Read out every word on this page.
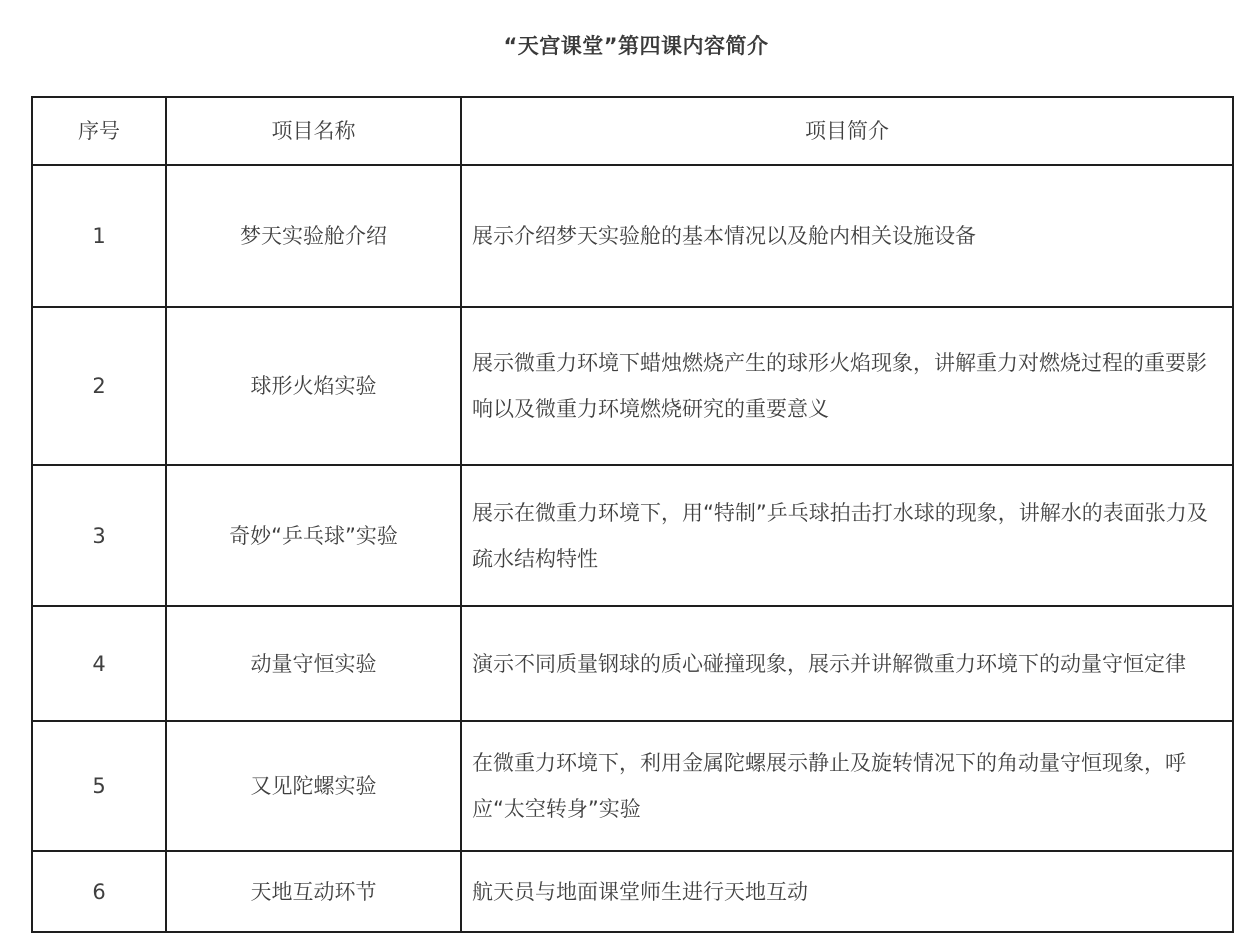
“天宫课堂”第四课内容简介
序号	项目名称	项目简介
1	梦天实验舱介绍	展示介绍梦天实验舱的基本情况以及舱内相关设施设备
2	球形火焰实验	展示微重力环境下蜡烛燃烧产生的球形火焰现象，讲解重力对燃烧过程的重要影响以及微重力环境燃烧研究的重要意义
3	奇妙“乒乓球”实验	展示在微重力环境下，用“特制”乒乓球拍击打水球的现象，讲解水的表面张力及疏水结构特性
4	动量守恒实验	演示不同质量钢球的质心碰撞现象，展示并讲解微重力环境下的动量守恒定律
5	又见陀螺实验	在微重力环境下，利用金属陀螺展示静止及旋转情况下的角动量守恒现象，呼应“太空转身”实验
6	天地互动环节	航天员与地面课堂师生进行天地互动
